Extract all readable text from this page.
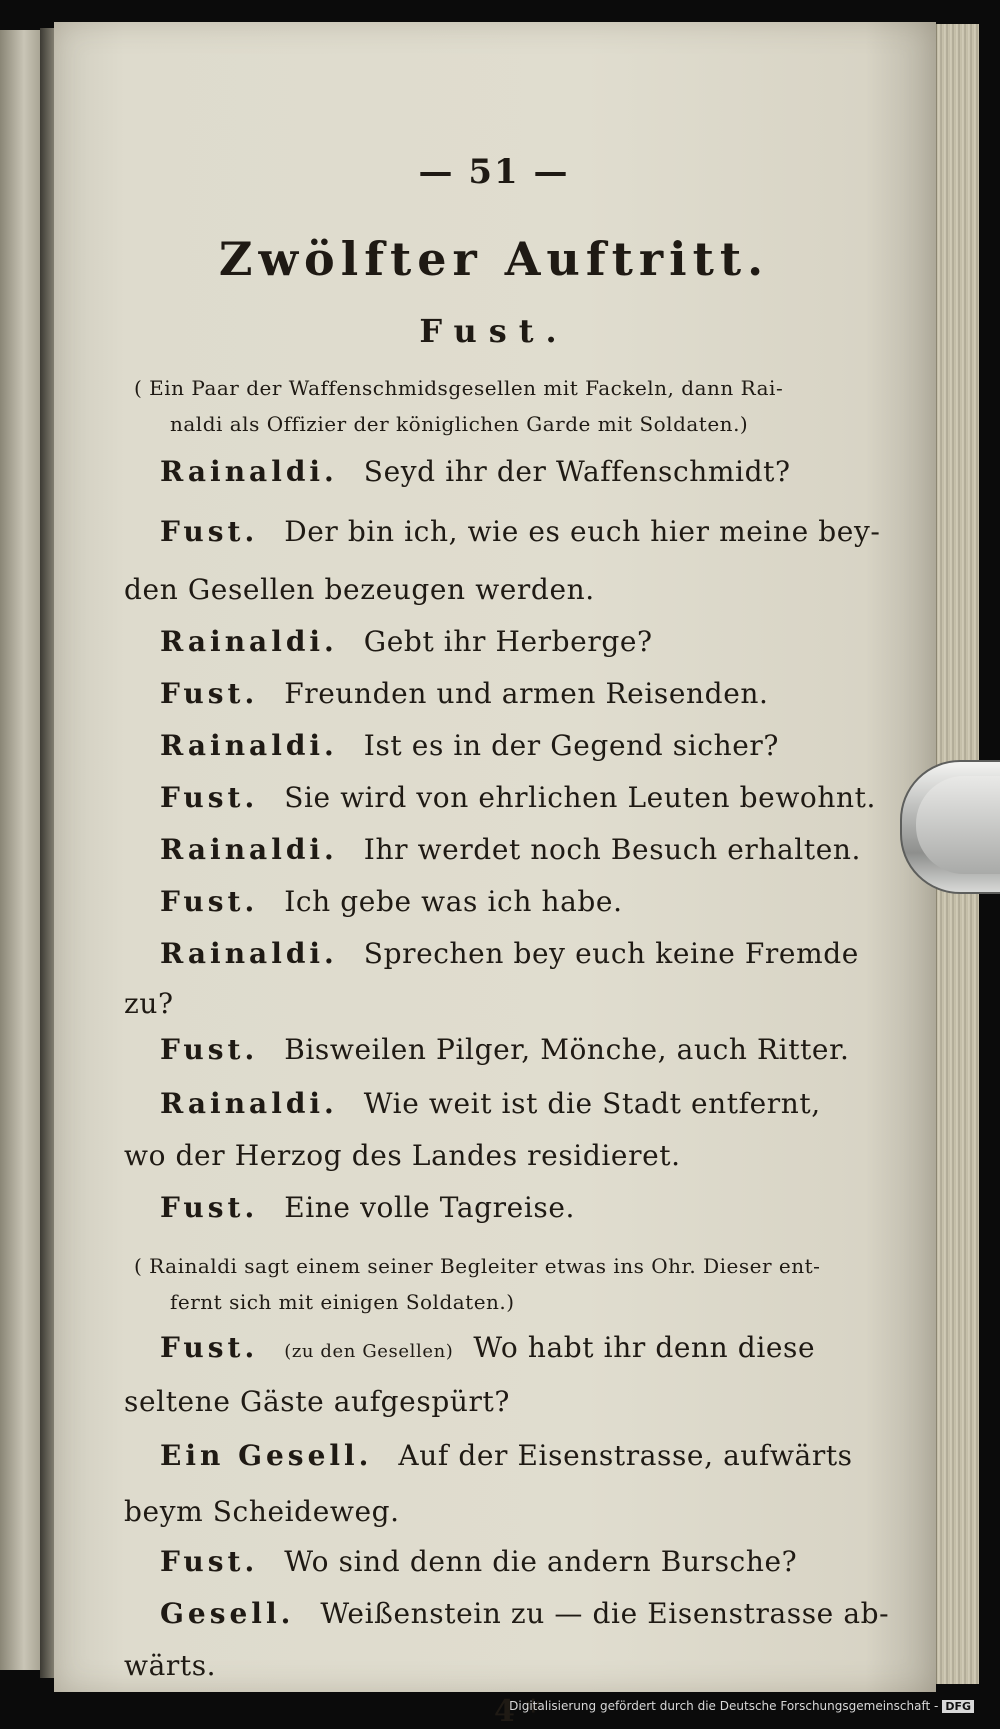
— 51 —
Zwölfter Auftritt.
Fust.
( Ein Paar der Waffenschmidsgesellen mit Fackeln, dann Rai-
naldi als Offizier der königlichen Garde mit Soldaten.)
Rainaldi. Seyd ihr der Waffenschmidt?
Fust. Der bin ich, wie es euch hier meine bey-
den Gesellen bezeugen werden.
Rainaldi. Gebt ihr Herberge?
Fust. Freunden und armen Reisenden.
Rainaldi. Ist es in der Gegend sicher?
Fust. Sie wird von ehrlichen Leuten bewohnt.
Rainaldi. Ihr werdet noch Besuch erhalten.
Fust. Ich gebe was ich habe.
Rainaldi. Sprechen bey euch keine Fremde
zu?
Fust. Bisweilen Pilger, Mönche, auch Ritter.
Rainaldi. Wie weit ist die Stadt entfernt,
wo der Herzog des Landes residieret.
Fust. Eine volle Tagreise.
( Rainaldi sagt einem seiner Begleiter etwas ins Ohr. Dieser ent-
fernt sich mit einigen Soldaten.)
Fust. (zu den Gesellen) Wo habt ihr denn diese
seltene Gäste aufgespürt?
Ein Gesell. Auf der Eisenstrasse, aufwärts
beym Scheideweg.
Fust. Wo sind denn die andern Bursche?
Gesell. Weißenstein zu — die Eisenstrasse ab-
wärts.
4 *
Digitalisierung gefördert durch die Deutsche Forschungsgemeinschaft - DFG
